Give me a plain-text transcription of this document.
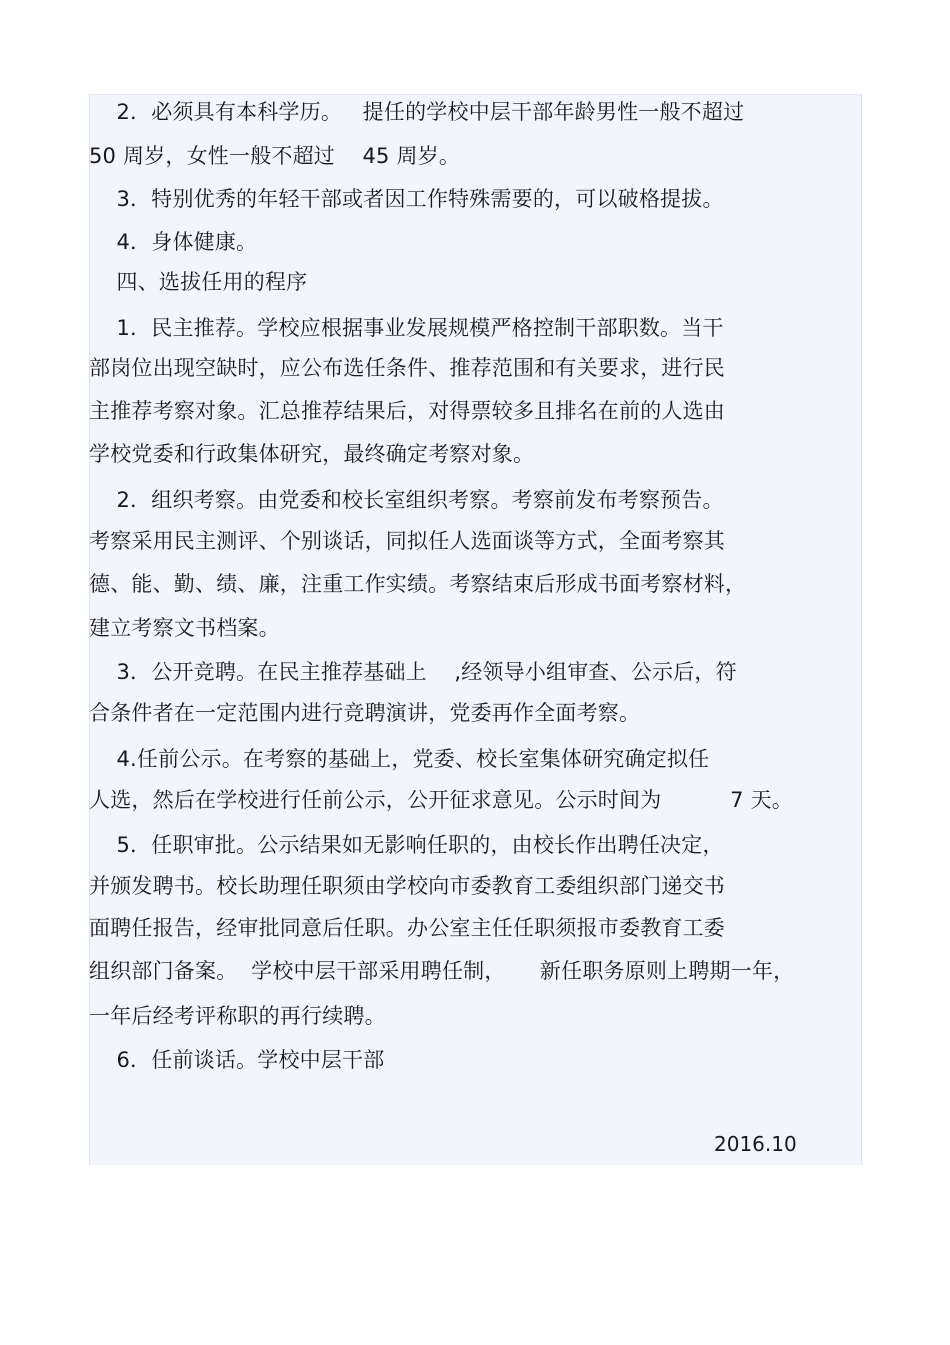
2．必须具有本科学历。   提任的学校中层干部年龄男性一般不超过
50 周岁，女性一般不超过    45 周岁。
3．特别优秀的年轻干部或者因工作特殊需要的，可以破格提拔。
4．身体健康。
四、选拔任用的程序
1．民主推荐。学校应根据事业发展规模严格控制干部职数。当干
部岗位出现空缺时，应公布选任条件、推荐范围和有关要求，进行民
主推荐考察对象。汇总推荐结果后，对得票较多且排名在前的人选由
学校党委和行政集体研究，最终确定考察对象。
2．组织考察。由党委和校长室组织考察。考察前发布考察预告。
考察采用民主测评、个别谈话，同拟任人选面谈等方式，全面考察其
德、能、勤、绩、廉，注重工作实绩。考察结束后形成书面考察材料，
建立考察文书档案。
3．公开竞聘。在民主推荐基础上    ,经领导小组审查、公示后，符
合条件者在一定范围内进行竞聘演讲，党委再作全面考察。
4.任前公示。在考察的基础上，党委、校长室集体研究确定拟任
人选，然后在学校进行任前公示，公开征求意见。公示时间为          7 天。
5．任职审批。公示结果如无影响任职的，由校长作出聘任决定，
并颁发聘书。校长助理任职须由学校向市委教育工委组织部门递交书
面聘任报告，经审批同意后任职。办公室主任任职须报市委教育工委
组织部门备案。  学校中层干部采用聘任制，     新任职务原则上聘期一年，
一年后经考评称职的再行续聘。
6．任前谈话。学校中层干部
2016.10
